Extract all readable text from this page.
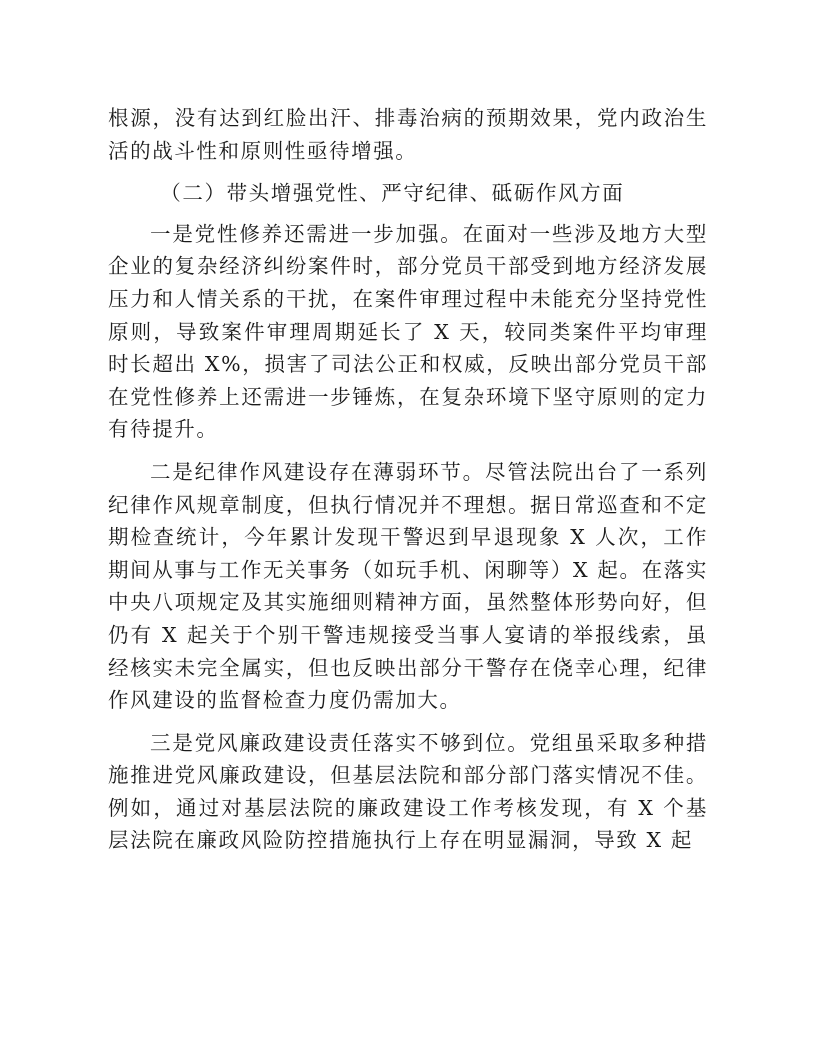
根源，没有达到红脸出汗、排毒治病的预期效果，党内政治生活的战斗性和原则性亟待增强。

（二）带头增强党性、严守纪律、砥砺作风方面

一是党性修养还需进一步加强。在面对一些涉及地方大型企业的复杂经济纠纷案件时，部分党员干部受到地方经济发展压力和人情关系的干扰，在案件审理过程中未能充分坚持党性原则，导致案件审理周期延长了 X 天，较同类案件平均审理时长超出 X%，损害了司法公正和权威，反映出部分党员干部在党性修养上还需进一步锤炼，在复杂环境下坚守原则的定力有待提升。

二是纪律作风建设存在薄弱环节。尽管法院出台了一系列纪律作风规章制度，但执行情况并不理想。据日常巡查和不定期检查统计，今年累计发现干警迟到早退现象 X 人次，工作期间从事与工作无关事务（如玩手机、闲聊等）X 起。在落实中央八项规定及其实施细则精神方面，虽然整体形势向好，但仍有 X 起关于个别干警违规接受当事人宴请的举报线索，虽经核实未完全属实，但也反映出部分干警存在侥幸心理，纪律作风建设的监督检查力度仍需加大。

三是党风廉政建设责任落实不够到位。党组虽采取多种措施推进党风廉政建设，但基层法院和部分部门落实情况不佳。例如，通过对基层法院的廉政建设工作考核发现，有 X 个基层法院在廉政风险防控措施执行上存在明显漏洞，导致 X 起
